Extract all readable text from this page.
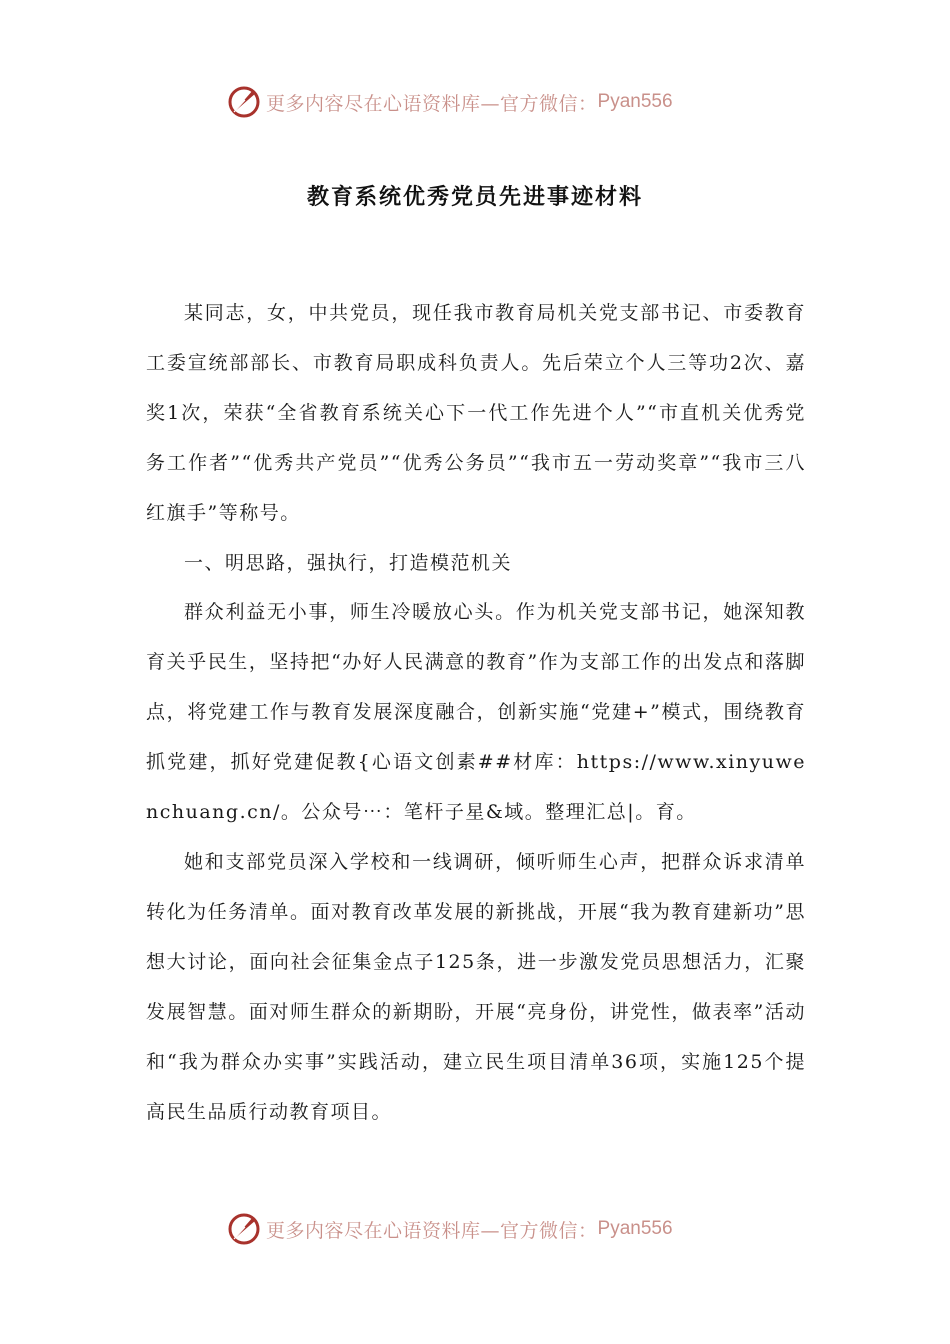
更多内容尽在心语资料库—官方微信： Pyan556
教育系统优秀党员先进事迹材料

某同志，女，中共党员，现任我市教育局机关党支部书记、市委教育工委宣统部部长、市教育局职成科负责人。先后荣立个人三等功2次、嘉奖1次，荣获“全省教育系统关心下一代工作先进个人”“市直机关优秀党务工作者”“优秀共产党员”“优秀公务员”“我市五一劳动奖章”“我市三八红旗手”等称号。

一、明思路，强执行，打造模范机关

群众利益无小事，师生冷暖放心头。作为机关党支部书记，她深知教育关乎民生，坚持把“办好人民满意的教育”作为支部工作的出发点和落脚点，将党建工作与教育发展深度融合，创新实施“党建+”模式，围绕教育抓党建，抓好党建促教{心语文创素##材库：https://www.xinyuwenchuang.cn/。公众号⋯：笔杆子星&域。整理汇总|。育。

她和支部党员深入学校和一线调研，倾听师生心声，把群众诉求清单转化为任务清单。面对教育改革发展的新挑战，开展“我为教育建新功”思想大讨论，面向社会征集金点子125条，进一步激发党员思想活力，汇聚发展智慧。面对师生群众的新期盼，开展“亮身份，讲党性，做表率”活动和“我为群众办实事”实践活动，建立民生项目清单36项，实施125个提高民生品质行动教育项目。

更多内容尽在心语资料库—官方微信： Pyan556
